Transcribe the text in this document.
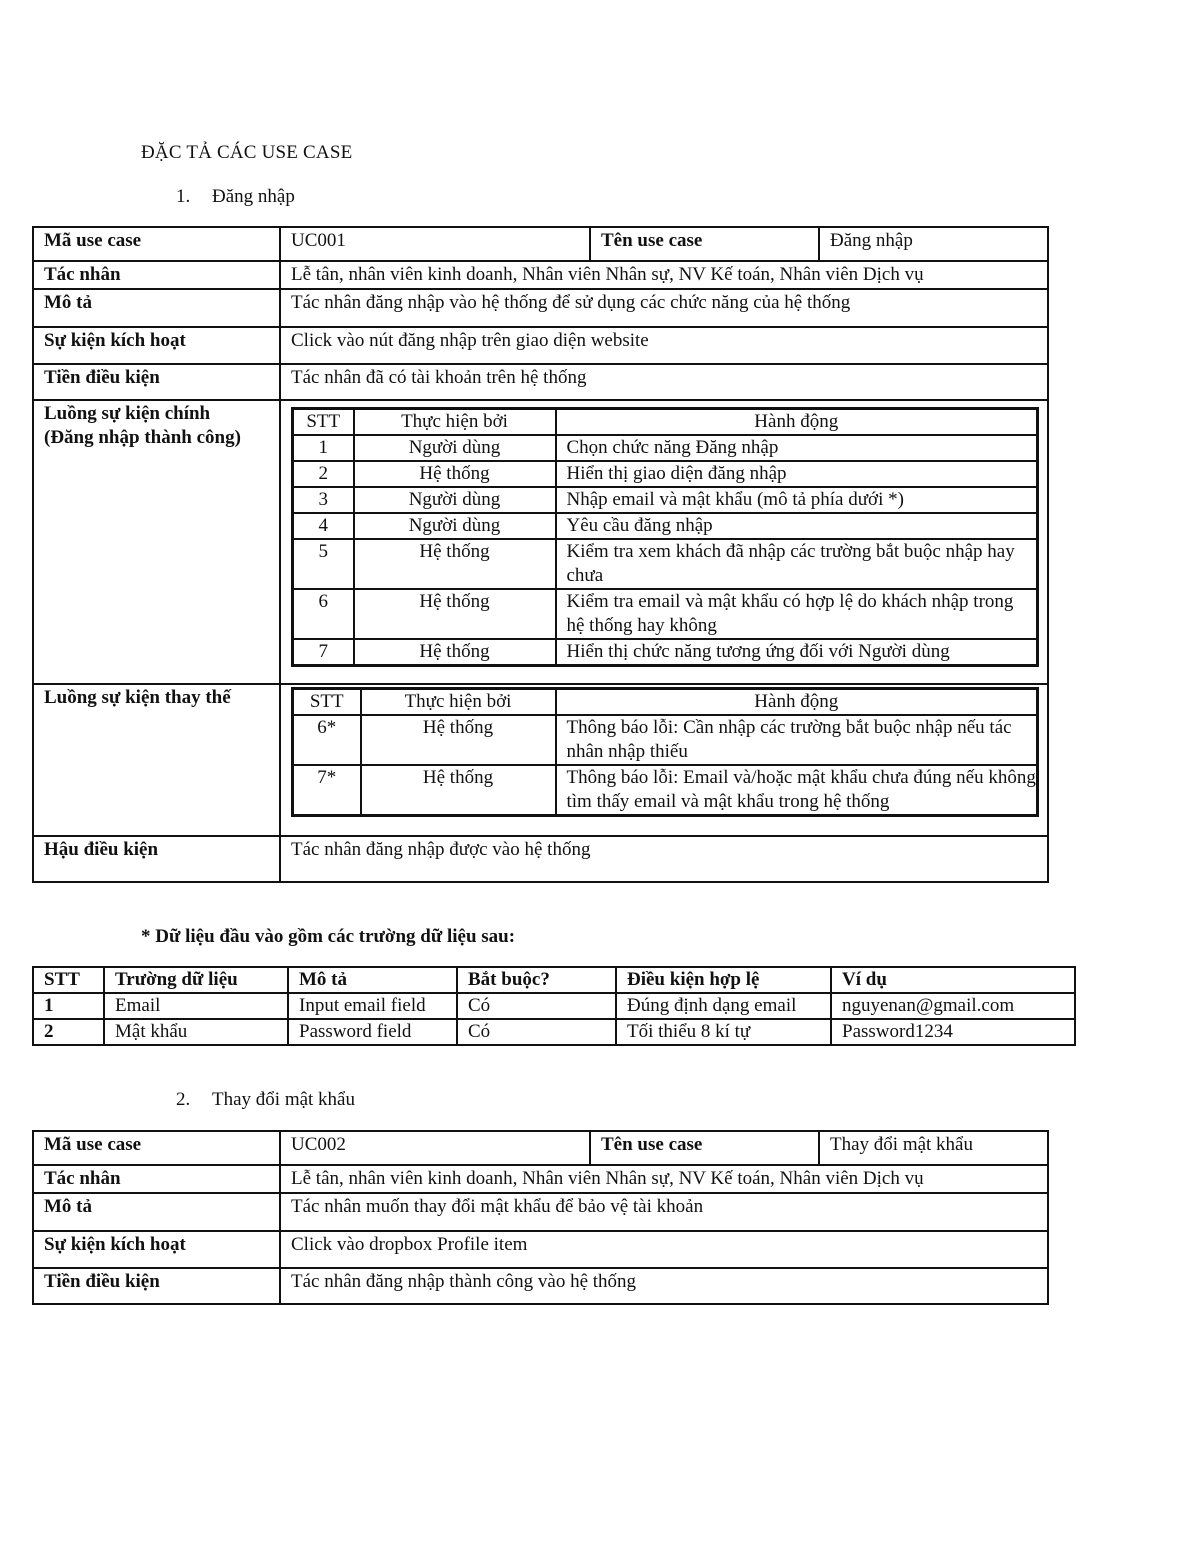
ĐẶC TẢ CÁC USE CASE
1. Đăng nhập
Mã use case	UC001	Tên use case	Đăng nhập
Tác nhân	Lễ tân, nhân viên kinh doanh, Nhân viên Nhân sự, NV Kế toán, Nhân viên Dịch vụ
Mô tả	Tác nhân đăng nhập vào hệ thống để sử dụng các chức năng của hệ thống
Sự kiện kích hoạt	Click vào nút đăng nhập trên giao diện website
Tiền điều kiện	Tác nhân đã có tài khoản trên hệ thống

Luồng sự kiện chính
(Đăng nhập thành công)

STT	Thực hiện bởi	Hành động
1	Người dùng	Chọn chức năng Đăng nhập
2	Hệ thống	Hiển thị giao diện đăng nhập
3	Người dùng	Nhập email và mật khẩu (mô tả phía dưới *)
4	Người dùng	Yêu cầu đăng nhập
5	Hệ thống	Kiểm tra xem khách đã nhập các trường bắt buộc nhập hay chưa
6	Hệ thống	Kiểm tra email và mật khẩu có hợp lệ do khách nhập trong hệ thống hay không
7	Hệ thống	Hiển thị chức năng tương ứng đối với Người dùng

Luồng sự kiện thay thế		STT	Thực hiện bởi	Hành động
6*	Hệ thống	Thông báo lỗi: Cần nhập các trường bắt buộc nhập nếu tác nhân nhập thiếu
7*	Hệ thống	Thông báo lỗi: Email và/hoặc mật khẩu chưa đúng nếu không tìm thấy email và mật khẩu trong hệ thống

Hậu điều kiện	Tác nhân đăng nhập được vào hệ thống
* Dữ liệu đầu vào gồm các trường dữ liệu sau:
STT	Trường dữ liệu	Mô tả	Bắt buộc?	Điều kiện hợp lệ	Ví dụ
1	Email	Input email field	Có	Đúng định dạng email	nguyenan@gmail.com
2	Mật khẩu	Password field	Có	Tối thiểu 8 kí tự	Password1234
2. Thay đổi mật khẩu
Mã use case	UC002	Tên use case	Thay đổi mật khẩu
Tác nhân	Lễ tân, nhân viên kinh doanh, Nhân viên Nhân sự, NV Kế toán, Nhân viên Dịch vụ		
Mô tả	Tác nhân muốn thay đổi mật khẩu để bảo vệ tài khoản		
Sự kiện kích hoạt	Click vào dropbox Profile item		
Tiền điều kiện	Tác nhân đăng nhập thành công vào hệ thống		
